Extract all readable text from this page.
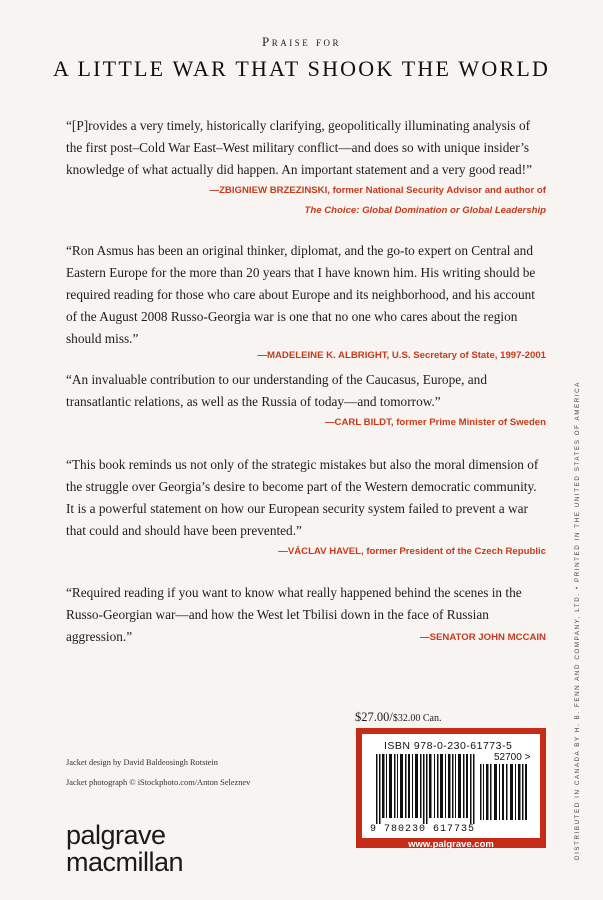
Praise for
A LITTLE WAR THAT SHOOK THE WORLD
“[P]rovides a very timely, historically clarifying, geopolitically illuminating analysis of the first post–Cold War East–West military conflict—and does so with unique insider’s knowledge of what actually did happen. An important statement and a very good read!”
—ZBIGNIEW BRZEZINSKI, former National Security Advisor and author of
The Choice: Global Domination or Global Leadership
“Ron Asmus has been an original thinker, diplomat, and the go-to expert on Central and Eastern Europe for the more than 20 years that I have known him. His writing should be required reading for those who care about Europe and its neighborhood, and his account of the August 2008 Russo-Georgia war is one that no one who cares about the region should miss.”
—MADELEINE K. ALBRIGHT, U.S. Secretary of State, 1997-2001
“An invaluable contribution to our understanding of the Caucasus, Europe, and transatlantic relations, as well as the Russia of today—and tomorrow.”
—CARL BILDT, former Prime Minister of Sweden
“This book reminds us not only of the strategic mistakes but also the moral dimension of the struggle over Georgia’s desire to become part of the Western democratic community. It is a powerful statement on how our European security system failed to prevent a war that could and should have been prevented.”
—VÁCLAV HAVEL, former President of the Czech Republic
“Required reading if you want to know what really happened behind the scenes in the Russo-Georgian war—and how the West let Tbilisi down in the face of Russian aggression.”	—SENATOR JOHN MCCAIN
$27.00/$32.00 Can.
Jacket design by David Baldeosingh Rotstein
Jacket photograph © iStockphoto.com/Anton Seleznev
palgrave
macmillan
ISBN 978-0-230-61773-5
52700 >
9 780230 617735
www.palgrave.com	DISTRIBUTED IN CANADA BY H. B. FENN AND COMPANY, LTD. • PRINTED IN THE UNITED STATES OF AMERICA
